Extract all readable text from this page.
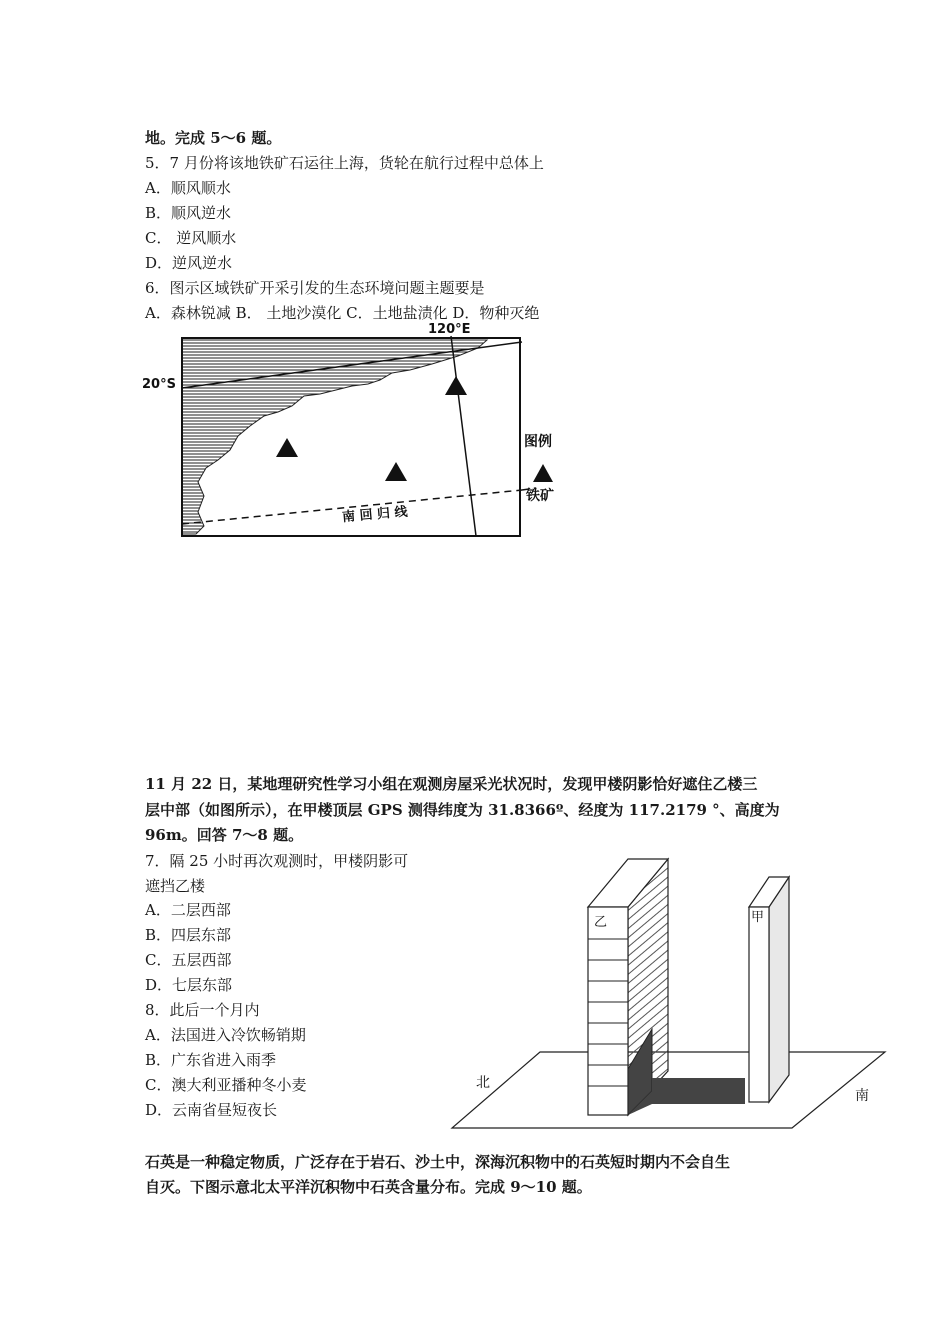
地。完成 5～6 题。
5．7 月份将该地铁矿石运往上海，货轮在航行过程中总体上
A．顺风顺水
B．顺风逆水
C． 逆风顺水
D．逆风逆水
6．图示区域铁矿开采引发的生态环境问题主题要是
A．森林锐减 B． 土地沙漠化 C．土地盐渍化 D．物种灭绝
120°E
20°S
南 回 归 线
图例
铁矿
11 月 22 日，某地理研究性学习小组在观测房屋采光状况时，发现甲楼阴影恰好遮住乙楼三
层中部（如图所示），在甲楼顶层 GPS 测得纬度为 31.8366º、经度为 117.2179 °、高度为
96m。回答 7～8 题。
7．隔 25 小时再次观测时，甲楼阴影可
遮挡乙楼
A．二层西部
B．四层东部
C．五层西部
D．七层东部
8．此后一个月内
A．法国进入冷饮畅销期
B．广东省进入雨季
C．澳大利亚播种冬小麦
D．云南省昼短夜长
乙	甲
北
南
石英是一种稳定物质，广泛存在于岩石、沙土中，深海沉积物中的石英短时期内不会自生
自灭。下图示意北太平洋沉积物中石英含量分布。完成 9～10 题。
